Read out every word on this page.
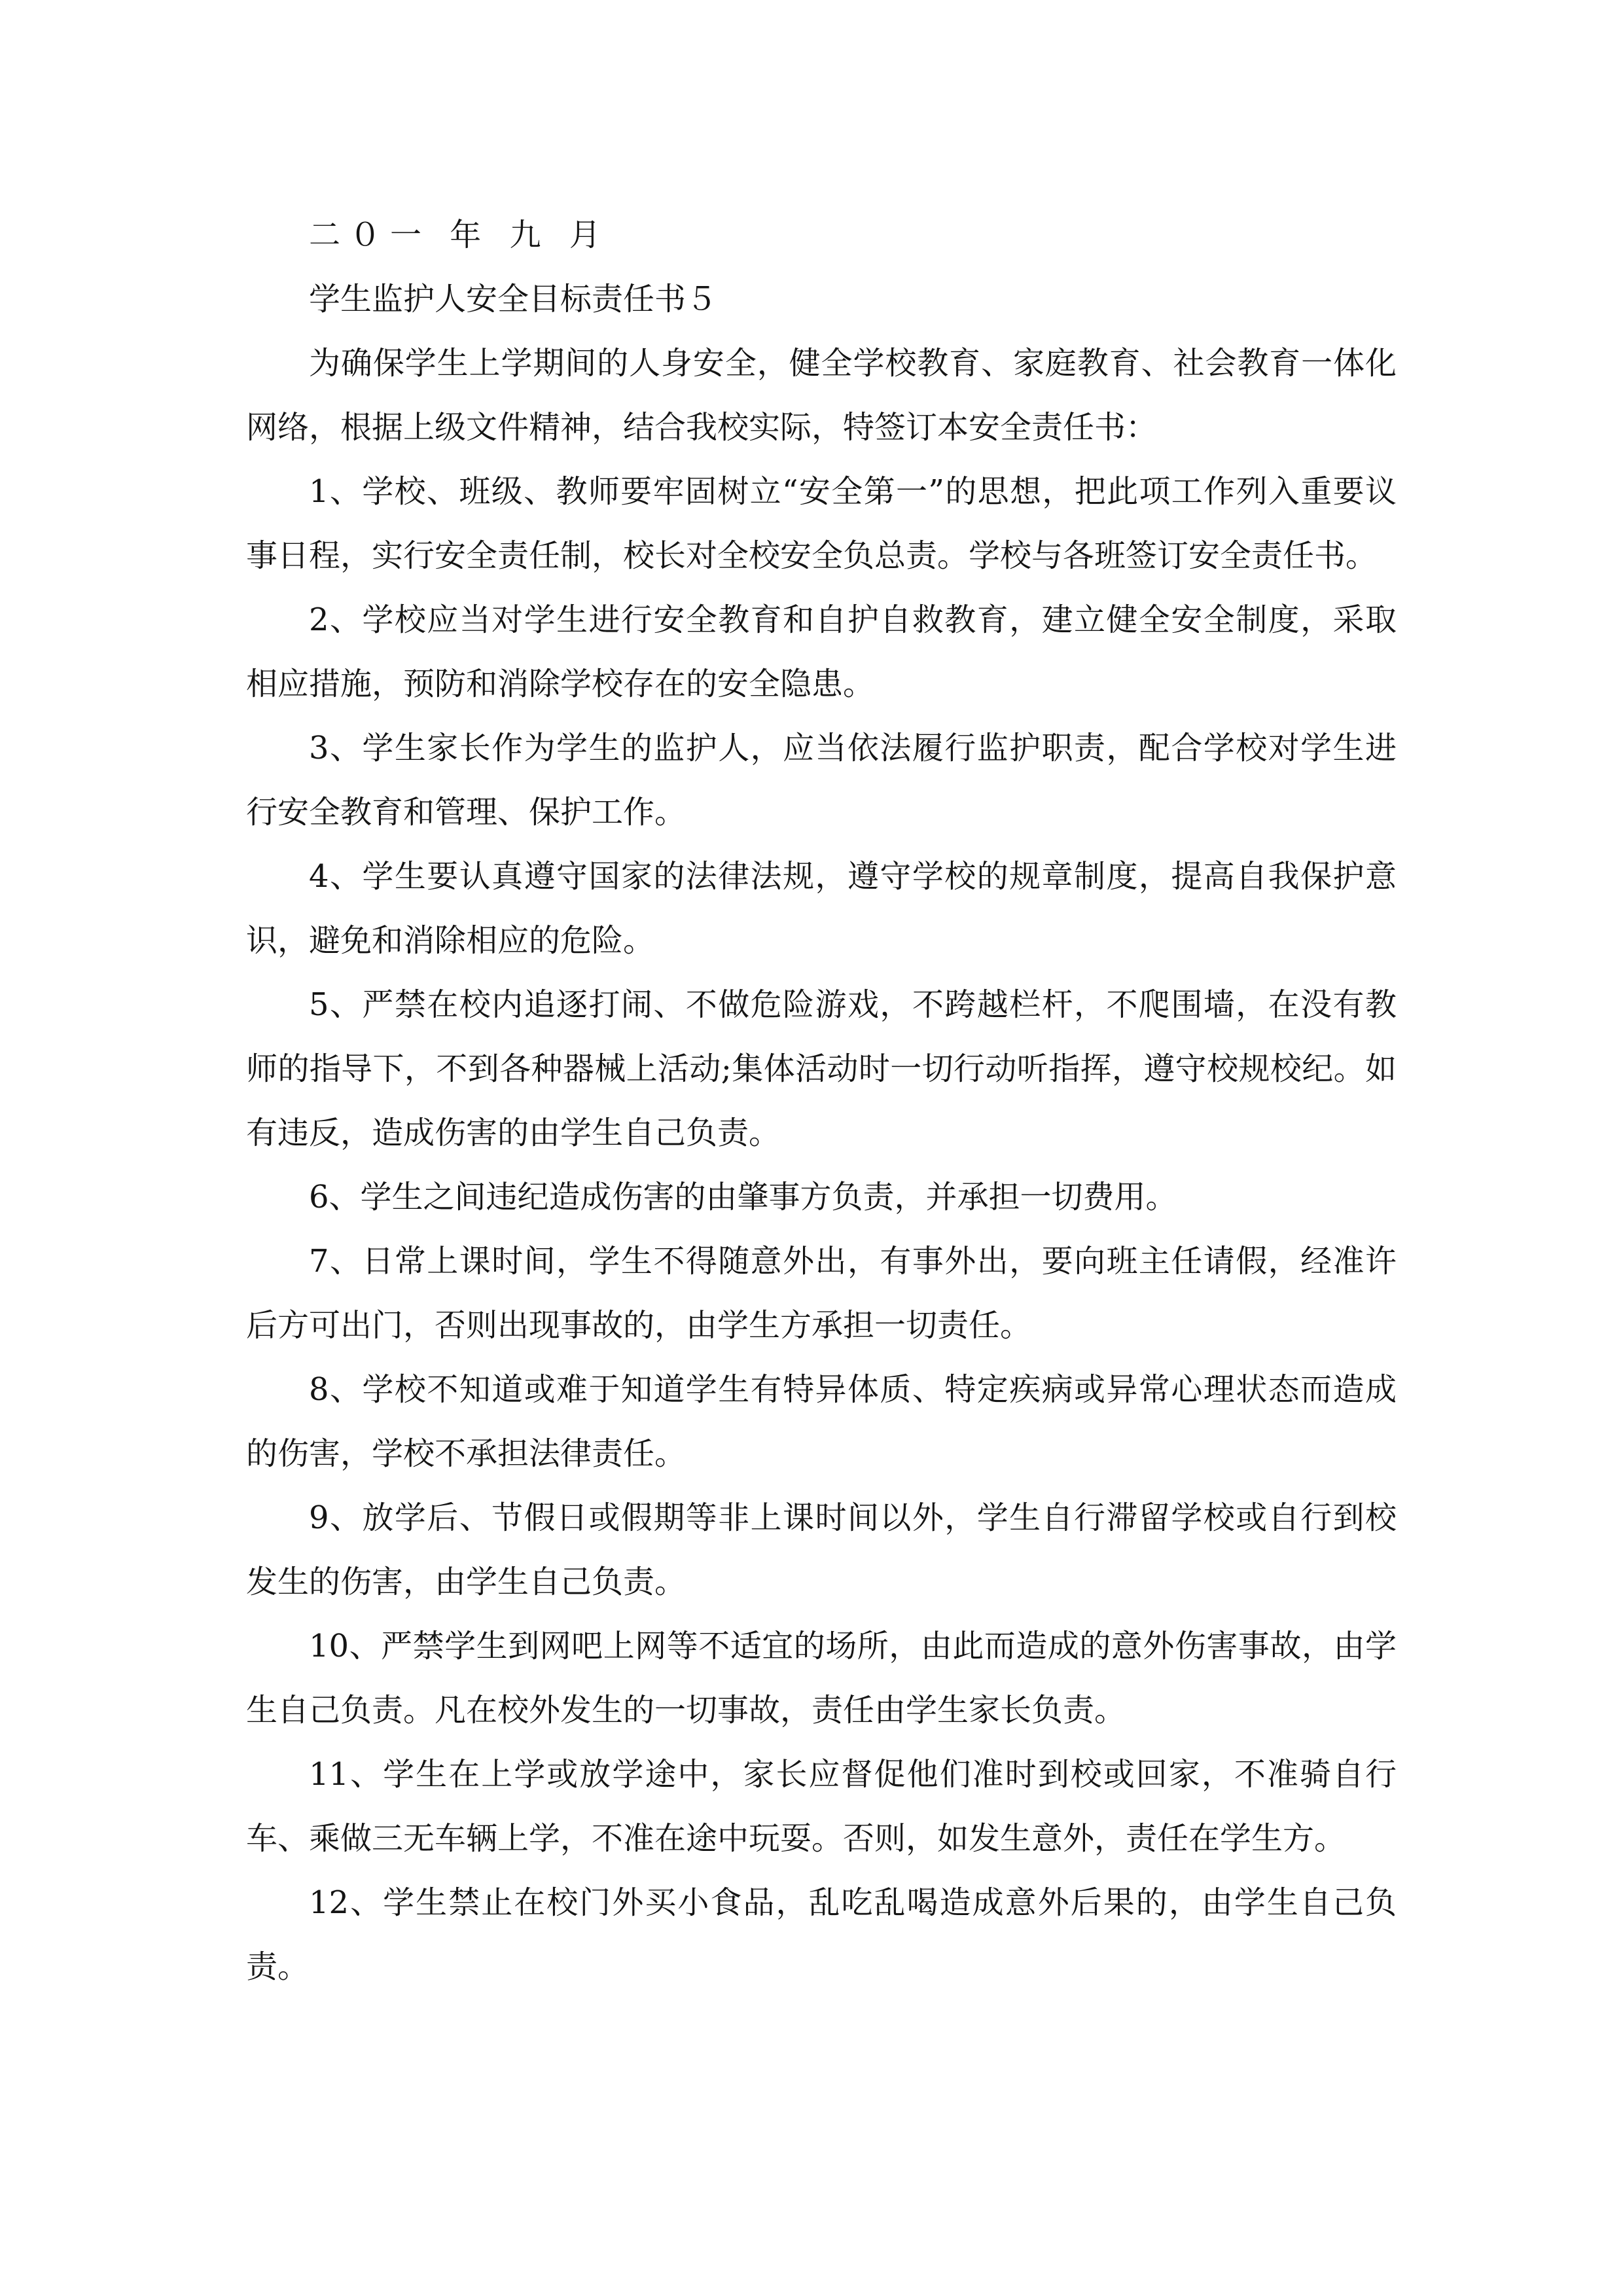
二０一 年 九 月

学生监护人安全目标责任书５

为确保学生上学期间的人身安全，健全学校教育、家庭教育、社会教育一体化网络，根据上级文件精神，结合我校实际，特签订本安全责任书：

1、学校、班级、教师要牢固树立“安全第一”的思想，把此项工作列入重要议事日程，实行安全责任制，校长对全校安全负总责。学校与各班签订安全责任书。

2、学校应当对学生进行安全教育和自护自救教育，建立健全安全制度，采取相应措施，预防和消除学校存在的安全隐患。

3、学生家长作为学生的监护人，应当依法履行监护职责，配合学校对学生进行安全教育和管理、保护工作。

4、学生要认真遵守国家的法律法规，遵守学校的规章制度，提高自我保护意识，避免和消除相应的危险。

5、严禁在校内追逐打闹、不做危险游戏，不跨越栏杆，不爬围墙，在没有教师的指导下，不到各种器械上活动;集体活动时一切行动听指挥，遵守校规校纪。如有违反，造成伤害的由学生自己负责。

6、学生之间违纪造成伤害的由肇事方负责，并承担一切费用。

7、日常上课时间，学生不得随意外出，有事外出，要向班主任请假，经准许后方可出门，否则出现事故的，由学生方承担一切责任。

8、学校不知道或难于知道学生有特异体质、特定疾病或异常心理状态而造成的伤害，学校不承担法律责任。

9、放学后、节假日或假期等非上课时间以外，学生自行滞留学校或自行到校发生的伤害，由学生自己负责。

10、严禁学生到网吧上网等不适宜的场所，由此而造成的意外伤害事故，由学生自己负责。凡在校外发生的一切事故，责任由学生家长负责。

11、学生在上学或放学途中，家长应督促他们准时到校或回家，不准骑自行车、乘做三无车辆上学，不准在途中玩耍。否则，如发生意外，责任在学生方。

12、学生禁止在校门外买小食品，乱吃乱喝造成意外后果的，由学生自己负责。
